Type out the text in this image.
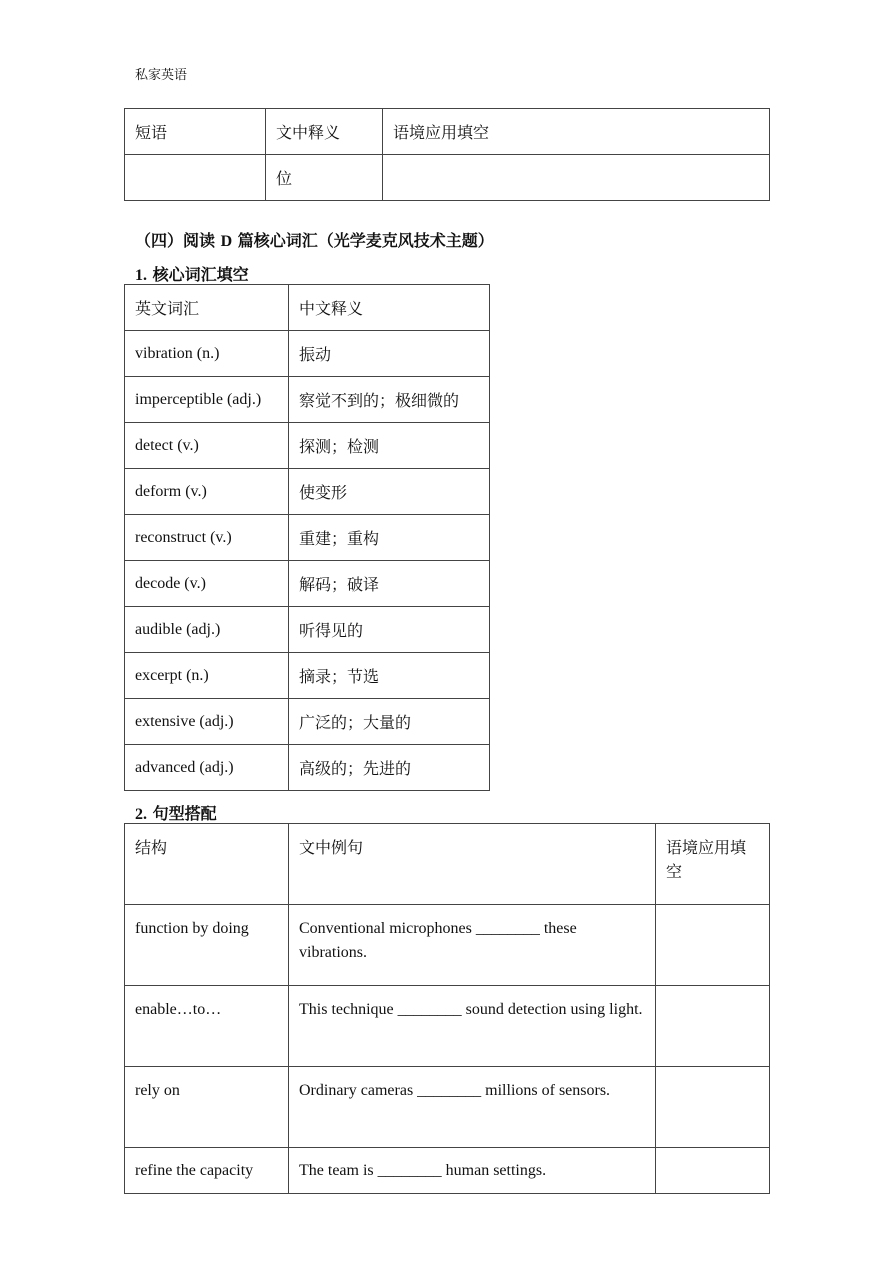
私家英语
短语	文中释义	语境应用填空
	位	
（四）阅读 D 篇核心词汇（光学麦克风技术主题）
1. 核心词汇填空
英文词汇	中文释义
vibration (n.)	振动
imperceptible (adj.)	察觉不到的；极细微的
detect (v.)	探测；检测
deform (v.)	使变形
reconstruct (v.)	重建；重构
decode (v.)	解码；破译
audible (adj.)	听得见的
excerpt (n.)	摘录；节选
extensive (adj.)	广泛的；大量的
advanced (adj.)	高级的；先进的
2. 句型搭配
结构	文中例句	语境应用填空
function by doing	Conventional microphones ________ these vibrations.	
enable…to…	This technique ________ sound detection using light.	
rely on	Ordinary cameras ________ millions of sensors.	
refine the capacity	The team is ________ human settings.	
